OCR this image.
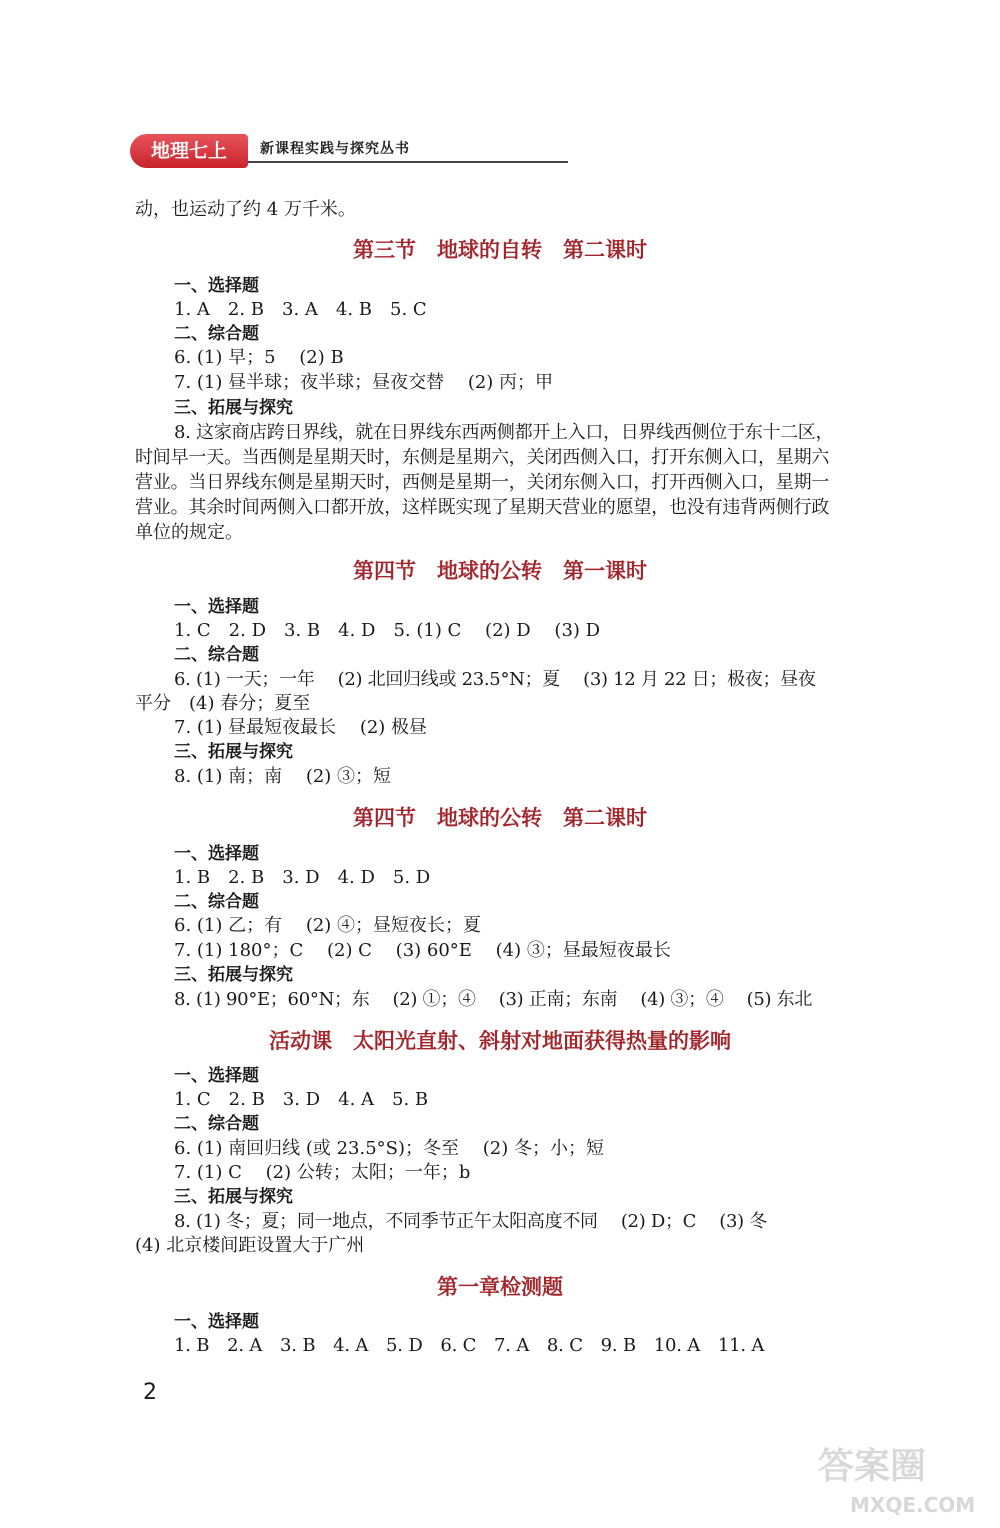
地理七上	新课程实践与探究丛书
动，也运动了约 4 万千米。
第三节　地球的自转　第二课时
一、选择题
1. A　2. B　3. A　4. B　5. C
二、综合题
6. (1) 早；5　 (2) B
7. (1) 昼半球；夜半球；昼夜交替　 (2) 丙；甲
三、拓展与探究
8. 这家商店跨日界线，就在日界线东西两侧都开上入口，日界线西侧位于东十二区，
时间早一天。当西侧是星期天时，东侧是星期六，关闭西侧入口，打开东侧入口，星期六
营业。当日界线东侧是星期天时，西侧是星期一，关闭东侧入口，打开西侧入口，星期一
营业。其余时间两侧入口都开放，这样既实现了星期天营业的愿望，也没有违背两侧行政
单位的规定。
第四节　地球的公转　第一课时
一、选择题
1. C　2. D　3. B　4. D　5. (1) C　 (2) D　 (3) D
二、综合题
6. (1) 一天；一年　 (2) 北回归线或 23.5°N；夏　 (3) 12 月 22 日；极夜；昼夜
平分　(4) 春分；夏至
7. (1) 昼最短夜最长　 (2) 极昼
三、拓展与探究
8. (1) 南；南　 (2) ③；短
第四节　地球的公转　第二课时
一、选择题
1. B　2. B　3. D　4. D　5. D
二、综合题
6. (1) 乙；有　 (2) ④；昼短夜长；夏
7. (1) 180°；C　 (2) C　 (3) 60°E　 (4) ③；昼最短夜最长
三、拓展与探究
8. (1) 90°E；60°N；东　 (2) ①；④　 (3) 正南；东南　 (4) ③；④　 (5) 东北
活动课　太阳光直射、斜射对地面获得热量的影响
一、选择题
1. C　2. B　3. D　4. A　5. B
二、综合题
6. (1) 南回归线 (或 23.5°S)；冬至　 (2) 冬；小；短
7. (1) C　 (2) 公转；太阳；一年；b
三、拓展与探究
8. (1) 冬；夏；同一地点，不同季节正午太阳高度不同　 (2) D；C　 (3) 冬
(4) 北京楼间距设置大于广州
第一章检测题
一、选择题
1. B　2. A　3. B　4. A　5. D　6. C　7. A　8. C　9. B　10. A　11. A
2
答案圈
MXQE.COM
